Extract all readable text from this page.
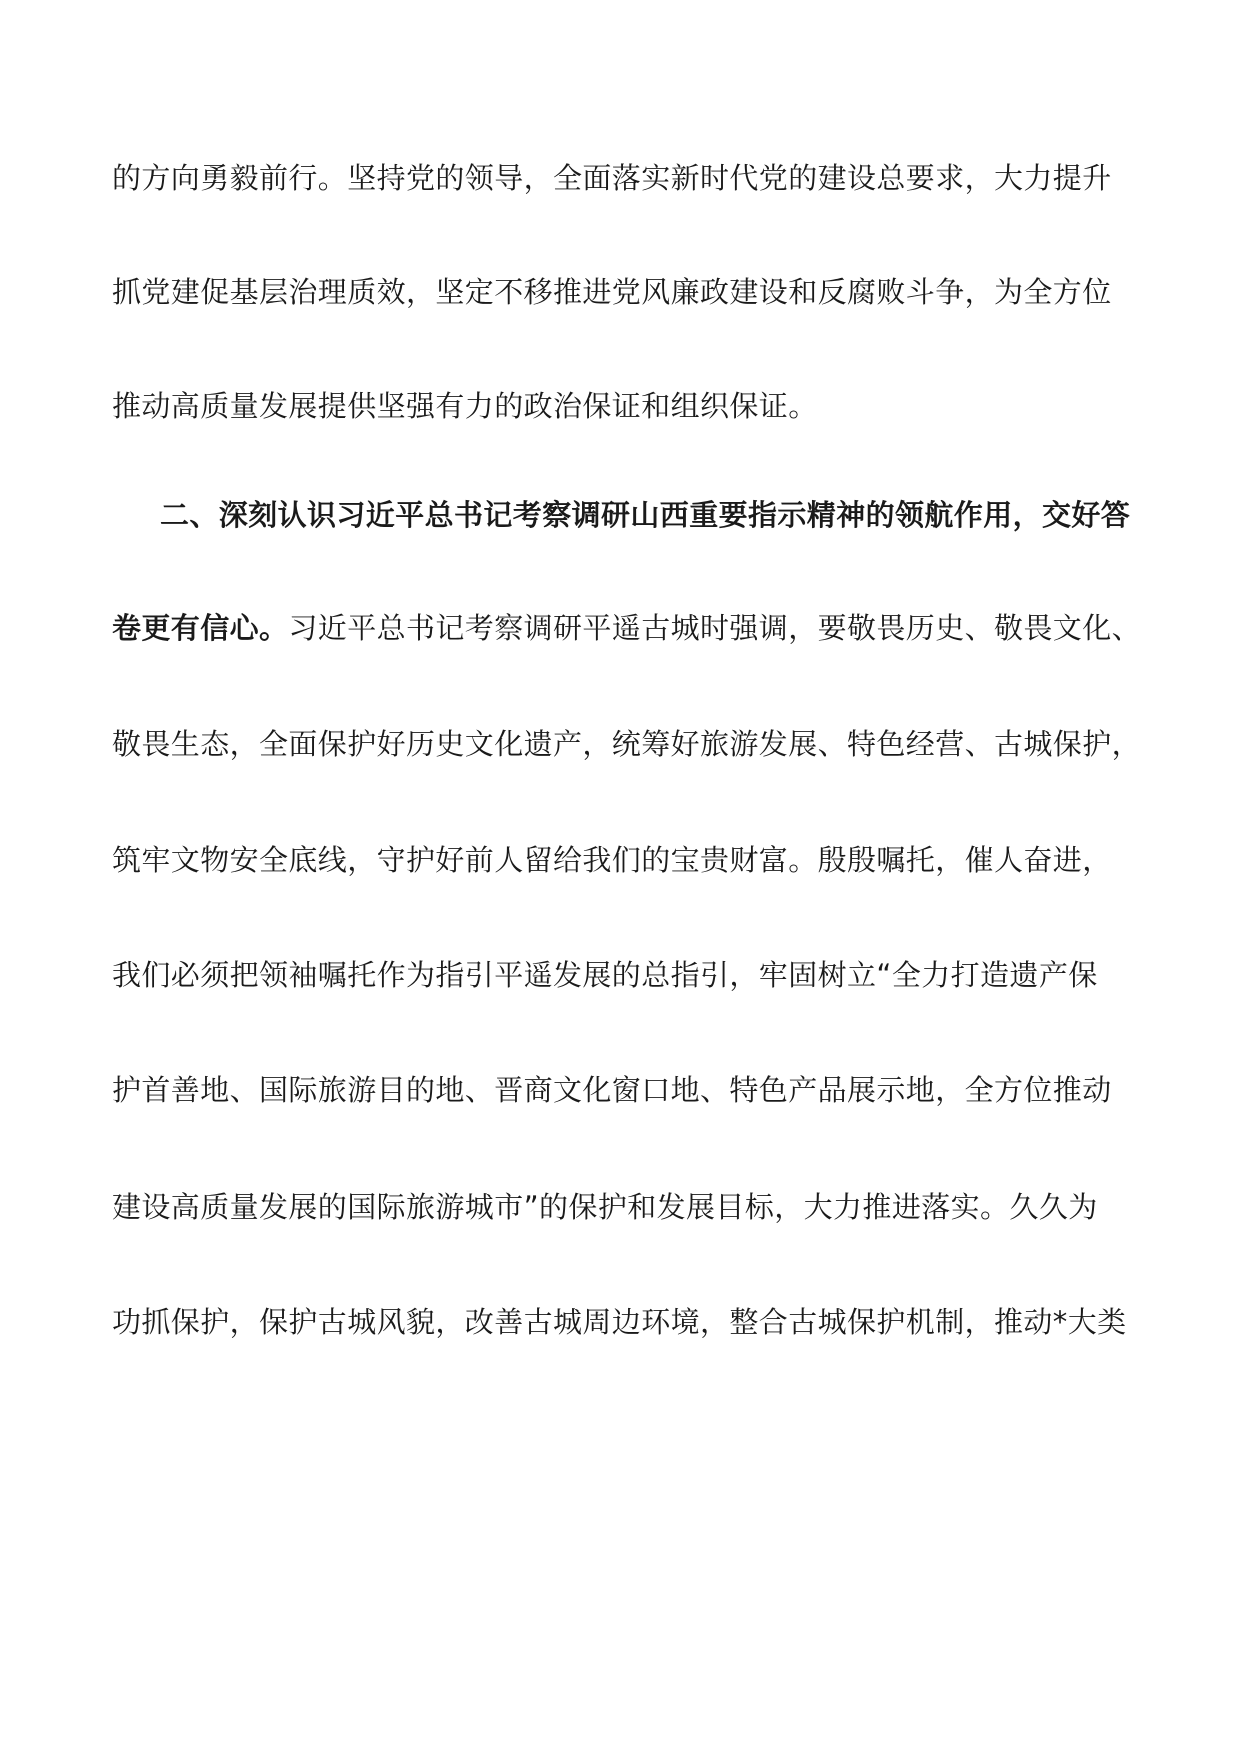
的方向勇毅前行。坚持党的领导，全面落实新时代党的建设总要求，大力提升
抓党建促基层治理质效，坚定不移推进党风廉政建设和反腐败斗争，为全方位
推动高质量发展提供坚强有力的政治保证和组织保证。
二、深刻认识习近平总书记考察调研山西重要指示精神的领航作用，交好答
卷更有信心。习近平总书记考察调研平遥古城时强调，要敬畏历史、敬畏文化、
敬畏生态，全面保护好历史文化遗产，统筹好旅游发展、特色经营、古城保护，
筑牢文物安全底线，守护好前人留给我们的宝贵财富。殷殷嘱托，催人奋进，
我们必须把领袖嘱托作为指引平遥发展的总指引，牢固树立“全力打造遗产保
护首善地、国际旅游目的地、晋商文化窗口地、特色产品展示地，全方位推动
建设高质量发展的国际旅游城市”的保护和发展目标，大力推进落实。久久为
功抓保护，保护古城风貌，改善古城周边环境，整合古城保护机制，推动*大类
